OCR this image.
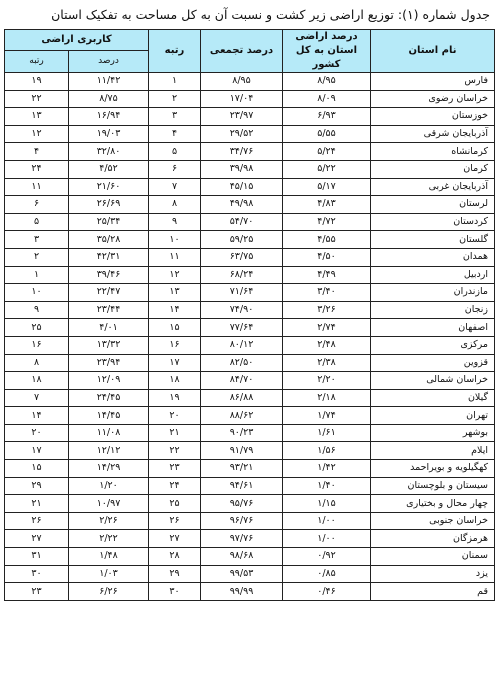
جدول شماره (۱): توزیع اراضی زیر کشت و نسبت آن به کل مساحت به تفکیک استان
نام استان	درصد اراضی استان به کل کشور	درصد تجمعی	رتبه	کاربری اراضی	
				درصد	رتبه
فارس	۸/۹۵	۸/۹۵	۱	۱۱/۴۲	۱۹
خراسان رضوی	۸/۰۹	۱۷/۰۴	۲	۸/۷۵	۲۲
خوزستان	۶/۹۳	۲۳/۹۷	۳	۱۶/۹۴	۱۳
آذربایجان شرقی	۵/۵۵	۲۹/۵۲	۴	۱۹/۰۳	۱۲
کرمانشاه	۵/۲۴	۳۴/۷۶	۵	۳۲/۸۰	۴
کرمان	۵/۲۲	۳۹/۹۸	۶	۴/۵۲	۲۴
آذربایجان غربی	۵/۱۷	۴۵/۱۵	۷	۲۱/۶۰	۱۱
لرستان	۴/۸۳	۴۹/۹۸	۸	۲۶/۶۹	۶
کردستان	۴/۷۲	۵۴/۷۰	۹	۲۵/۳۴	۵
گلستان	۴/۵۵	۵۹/۲۵	۱۰	۳۵/۲۸	۳
همدان	۴/۵۰	۶۳/۷۵	۱۱	۴۲/۳۱	۲
اردبیل	۴/۴۹	۶۸/۲۴	۱۲	۳۹/۴۶	۱
مازندران	۳/۴۰	۷۱/۶۴	۱۳	۲۲/۴۷	۱۰
زنجان	۳/۲۶	۷۴/۹۰	۱۴	۲۳/۴۴	۹
اصفهان	۲/۷۴	۷۷/۶۴	۱۵	۴/۰۱	۲۵
مرکزی	۲/۴۸	۸۰/۱۲	۱۶	۱۳/۳۲	۱۶
قزوین	۲/۳۸	۸۲/۵۰	۱۷	۲۳/۹۴	۸
خراسان شمالی	۲/۲۰	۸۴/۷۰	۱۸	۱۲/۰۹	۱۸
گیلان	۲/۱۸	۸۶/۸۸	۱۹	۲۴/۴۵	۷
تهران	۱/۷۴	۸۸/۶۲	۲۰	۱۴/۴۵	۱۴
بوشهر	۱/۶۱	۹۰/۲۳	۲۱	۱۱/۰۸	۲۰
ایلام	۱/۵۶	۹۱/۷۹	۲۲	۱۲/۱۲	۱۷
کهگیلویه و بویراحمد	۱/۴۲	۹۳/۲۱	۲۳	۱۴/۲۹	۱۵
سیستان و بلوچستان	۱/۴۰	۹۴/۶۱	۲۴	۱/۲۰	۲۹
چهار محال و بختیاری	۱/۱۵	۹۵/۷۶	۲۵	۱۰/۹۷	۲۱
خراسان جنوبی	۱/۰۰	۹۶/۷۶	۲۶	۲/۲۶	۲۶
هرمزگان	۱/۰۰	۹۷/۷۶	۲۷	۲/۲۲	۲۷
سمنان	۰/۹۲	۹۸/۶۸	۲۸	۱/۴۸	۳۱
یزد	۰/۸۵	۹۹/۵۳	۲۹	۱/۰۳	۳۰
قم	۰/۴۶	۹۹/۹۹	۳۰	۶/۲۶	۲۳
